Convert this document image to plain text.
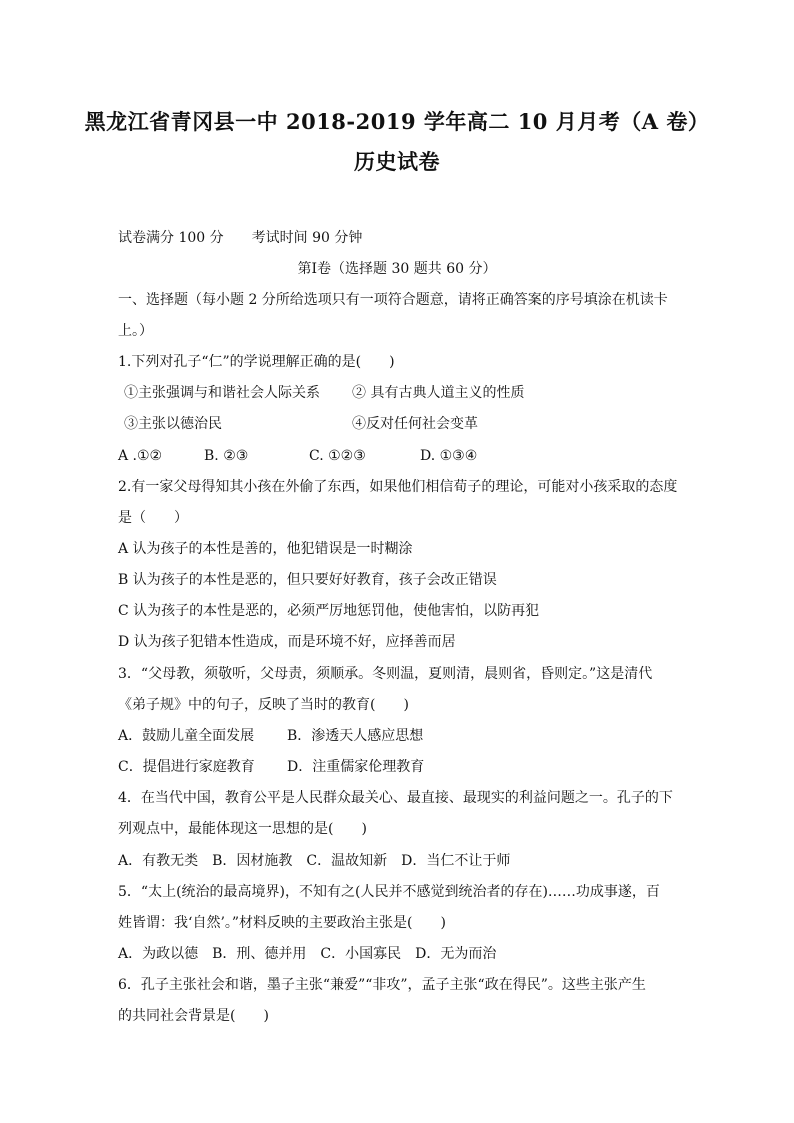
黑龙江省青冈县一中 2018-2019 学年高二 10 月月考（A 卷）
历史试卷
试卷满分 100 分　　考试时间 90 分钟
第Ⅰ卷（选择题 30 题共 60 分）
一、选择题（每小题 2 分所给选项只有一项符合题意，请将正确答案的序号填涂在机读卡
上。）
1.下列对孔子“仁”的学说理解正确的是(　　)
①主张强调与和谐社会人际关系 ② 具有古典人道主义的性质
③主张以德治民	④反对任何社会变革
A .①②	B. ②③	C. ①②③	D. ①③④
2.有一家父母得知其小孩在外偷了东西，如果他们相信荀子的理论，可能对小孩采取的态度
是（　　）
A 认为孩子的本性是善的，他犯错误是一时糊涂
B 认为孩子的本性是恶的，但只要好好教育，孩子会改正错误
C 认为孩子的本性是恶的，必须严厉地惩罚他，使他害怕，以防再犯
D 认为孩子犯错本性造成，而是环境不好，应择善而居
3．“父母教，须敬听，父母责，须顺承。冬则温，夏则清，晨则省，昏则定。”这是清代
《弟子规》中的句子，反映了当时的教育(　　)
A．鼓励儿童全面发展 B．渗透天人感应思想
C．提倡进行家庭教育 D．注重儒家伦理教育
4．在当代中国，教育公平是人民群众最关心、最直接、最现实的利益问题之一。孔子的下
列观点中，最能体现这一思想的是(　　)
A．有教无类　B．因材施教　C．温故知新　D．当仁不让于师
5．“太上(统治的最高境界)，不知有之(人民并不感觉到统治者的存在)……功成事遂，百
姓皆谓：我‘自然’。”材料反映的主要政治主张是(　　)
A．为政以德　B．刑、德并用　C．小国寡民　D．无为而治
6．孔子主张社会和谐，墨子主张“兼爱”“非攻”，孟子主张“政在得民”。这些主张产生
的共同社会背景是(　　)
